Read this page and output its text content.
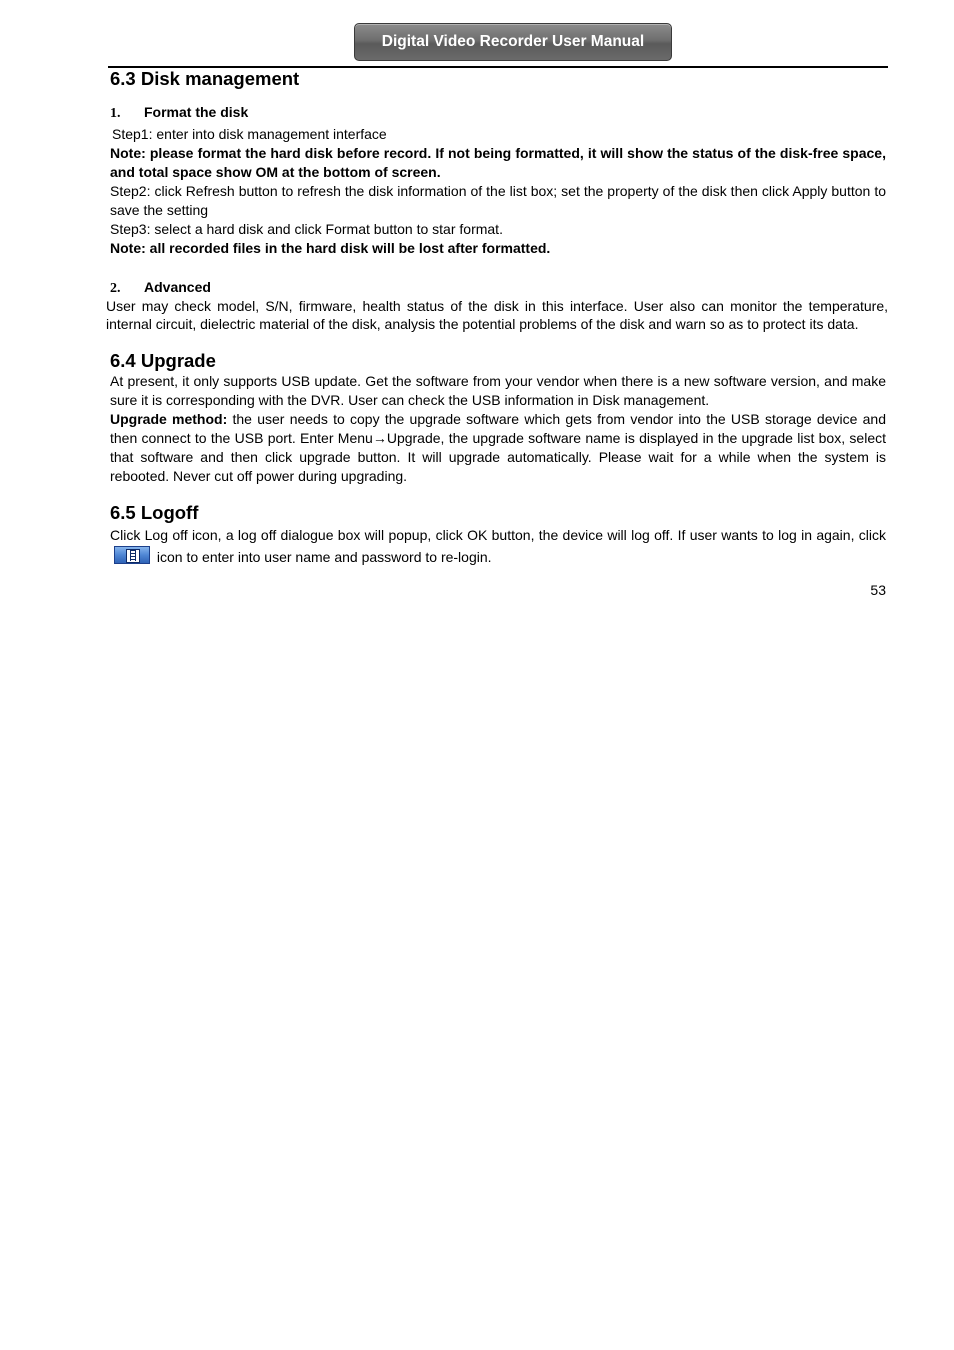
Digital Video Recorder User Manual
6.3 Disk management
1.	Format the disk

Step1: enter into disk management interface

Note: please format the hard disk before record. If not being formatted, it will show the status of the disk-free space, and total space show OM at the bottom of screen.

Step2: click Refresh button to refresh the disk information of the list box; set the property of the disk then click Apply button to save the setting

Step3: select a hard disk and click Format button to star format.

Note: all recorded files in the hard disk will be lost after formatted.

2.	Advanced

User may check model, S/N, firmware, health status of the disk in this interface. User also can monitor the temperature, internal circuit, dielectric material of the disk, analysis the potential problems of the disk and warn so as to protect its data.

6.4 Upgrade

At present, it only supports USB update. Get the software from your vendor when there is a new software version, and make sure it is corresponding with the DVR. User can check the USB information in Disk management.

Upgrade method: the user needs to copy the upgrade software which gets from vendor into the USB storage device and then connect to the USB port. Enter Menu→Upgrade, the upgrade software name is displayed in the upgrade list box, select that software and then click upgrade button. It will upgrade automatically. Please wait for a while when the system is rebooted. Never cut off power during upgrading.

6.5 Logoff

Click Log off icon, a log off dialogue box will popup, click OK button, the device will log off. If user wants to log in again, click icon to enter into user name and password to re-login.

53
